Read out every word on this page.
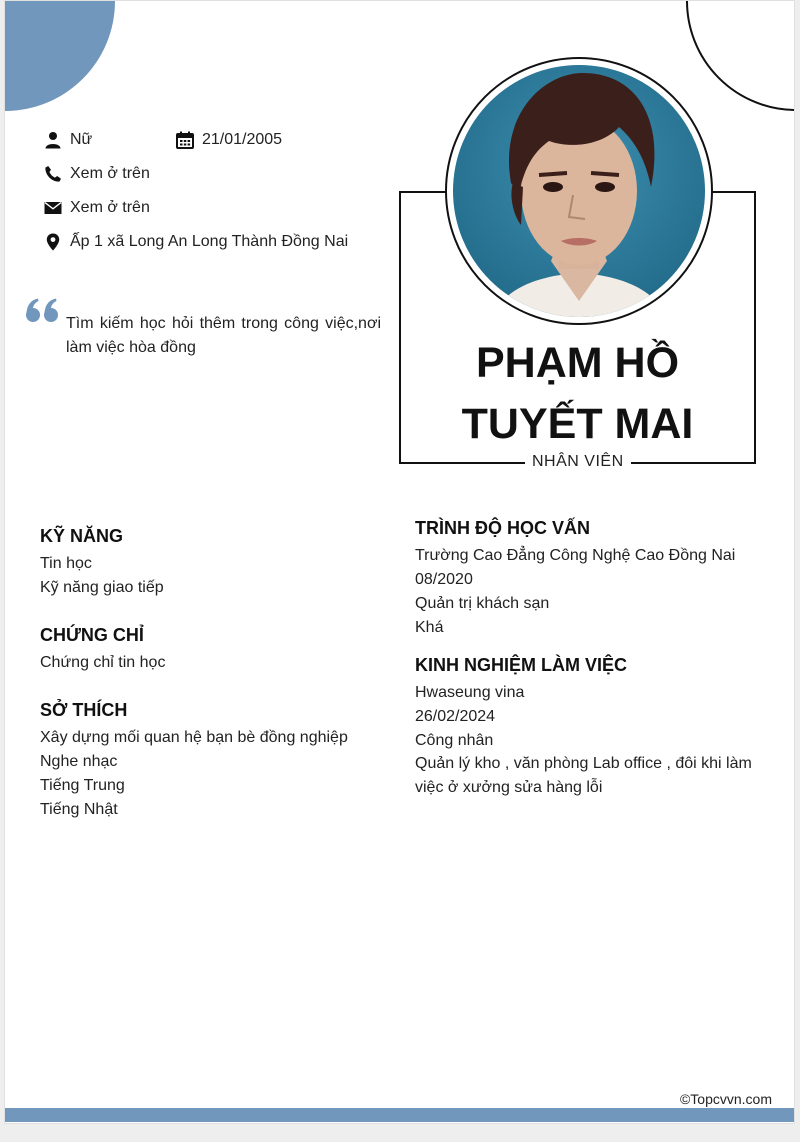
Nữ	21/01/2005
Xem ở trên
Xem ở trên
Ấp 1 xã Long An Long Thành Đồng Nai
Tìm kiếm học hỏi thêm trong công việc,nơi làm việc hòa đồng	PHẠM HỒ
TUYẾT MAI
NHÂN VIÊN
KỸ NĂNG
Tin học
Kỹ năng giao tiếp
CHỨNG CHỈ
Chứng chỉ tin học
SỞ THÍCH
Xây dựng mối quan hệ bạn bè đồng nghiệp
Nghe nhạc
Tiếng Trung
Tiếng Nhật
TRÌNH ĐỘ HỌC VẤN
Trường Cao Đẳng Công Nghệ Cao Đồng Nai
08/2020
Quản trị khách sạn
Khá
KINH NGHIỆM LÀM VIỆC
Hwaseung vina
26/02/2024
Công nhân
Quản lý kho , văn phòng Lab office , đôi khi làm việc ở xưởng sửa hàng lỗi
©Topcvvn.com
